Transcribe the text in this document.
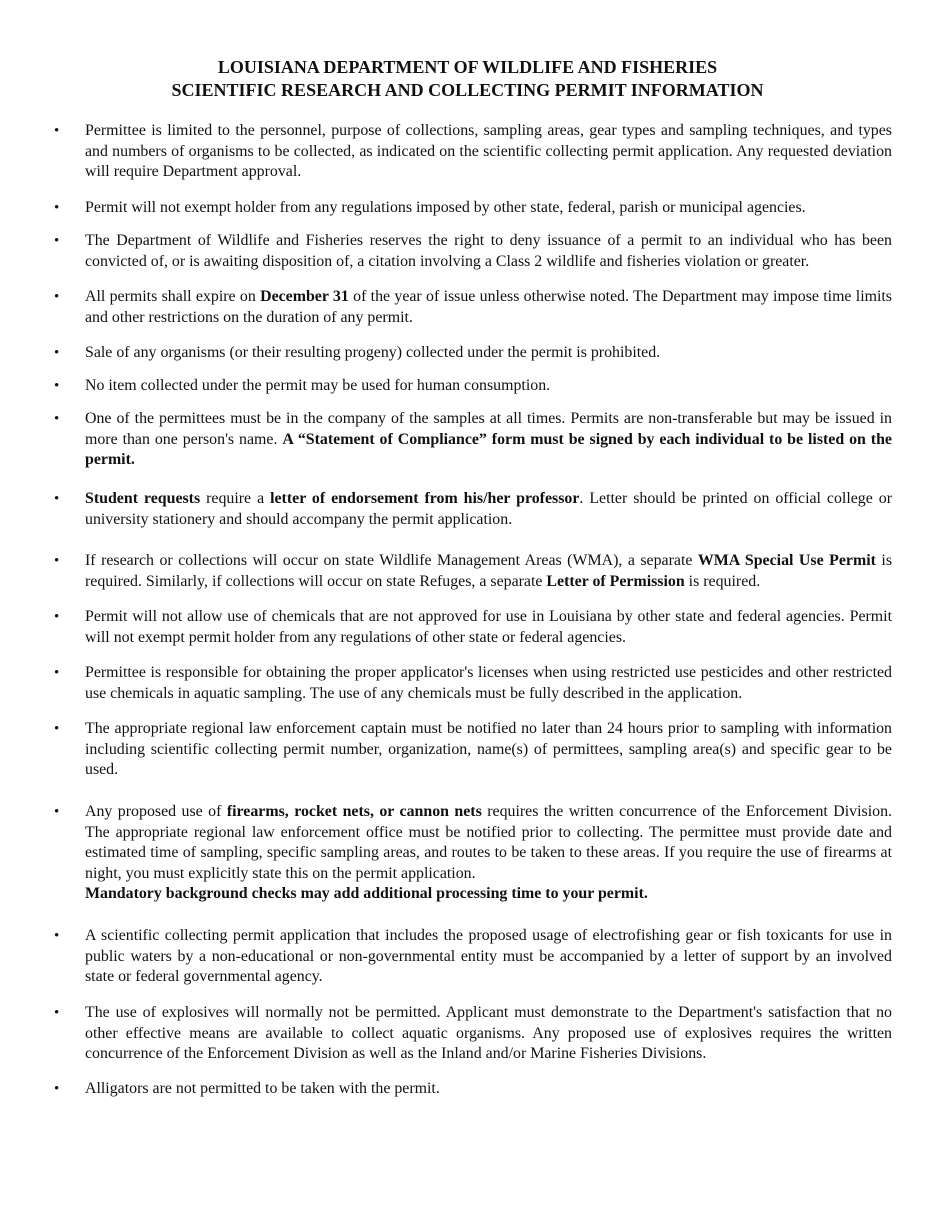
LOUISIANA DEPARTMENT OF WILDLIFE AND FISHERIES
SCIENTIFIC RESEARCH AND COLLECTING PERMIT INFORMATION
•	Permittee is limited to the personnel, purpose of collections, sampling areas, gear types and sampling techniques, and types and numbers of organisms to be collected, as indicated on the scientific collecting permit application. Any requested deviation will require Department approval.
•	Permit will not exempt holder from any regulations imposed by other state, federal, parish or municipal agencies.
•	The Department of Wildlife and Fisheries reserves the right to deny issuance of a permit to an individual who has been convicted of, or is awaiting disposition of, a citation involving a Class 2 wildlife and fisheries violation or greater.
•	All permits shall expire on December 31 of the year of issue unless otherwise noted. The Department may impose time limits and other restrictions on the duration of any permit.
•	Sale of any organisms (or their resulting progeny) collected under the permit is prohibited.
•	No item collected under the permit may be used for human consumption.
•	One of the permittees must be in the company of the samples at all times. Permits are non-transferable but may be issued in more than one person's name. A “Statement of Compliance” form must be signed by each individual to be listed on the permit.
•	Student requests require a letter of endorsement from his/her professor. Letter should be printed on official college or university stationery and should accompany the permit application.
•	If research or collections will occur on state Wildlife Management Areas (WMA), a separate WMA Special Use Permit is required. Similarly, if collections will occur on state Refuges, a separate Letter of Permission is required.
•	Permit will not allow use of chemicals that are not approved for use in Louisiana by other state and federal agencies. Permit will not exempt permit holder from any regulations of other state or federal agencies.
•	Permittee is responsible for obtaining the proper applicator's licenses when using restricted use pesticides and other restricted use chemicals in aquatic sampling. The use of any chemicals must be fully described in the application.
•	The appropriate regional law enforcement captain must be notified no later than 24 hours prior to sampling with information including scientific collecting permit number, organization, name(s) of permittees, sampling area(s) and specific gear to be used.
•	Any proposed use of firearms, rocket nets, or cannon nets requires the written concurrence of the Enforcement Division. The appropriate regional law enforcement office must be notified prior to collecting. The permittee must provide date and estimated time of sampling, specific sampling areas, and routes to be taken to these areas. If you require the use of firearms at night, you must explicitly state this on the permit application.
Mandatory background checks may add additional processing time to your permit.
•	A scientific collecting permit application that includes the proposed usage of electrofishing gear or fish toxicants for use in public waters by a non-educational or non-governmental entity must be accompanied by a letter of support by an involved state or federal governmental agency.
•	The use of explosives will normally not be permitted. Applicant must demonstrate to the Department's satisfaction that no other effective means are available to collect aquatic organisms. Any proposed use of explosives requires the written concurrence of the Enforcement Division as well as the Inland and/or Marine Fisheries Divisions.
•	Alligators are not permitted to be taken with the permit.
